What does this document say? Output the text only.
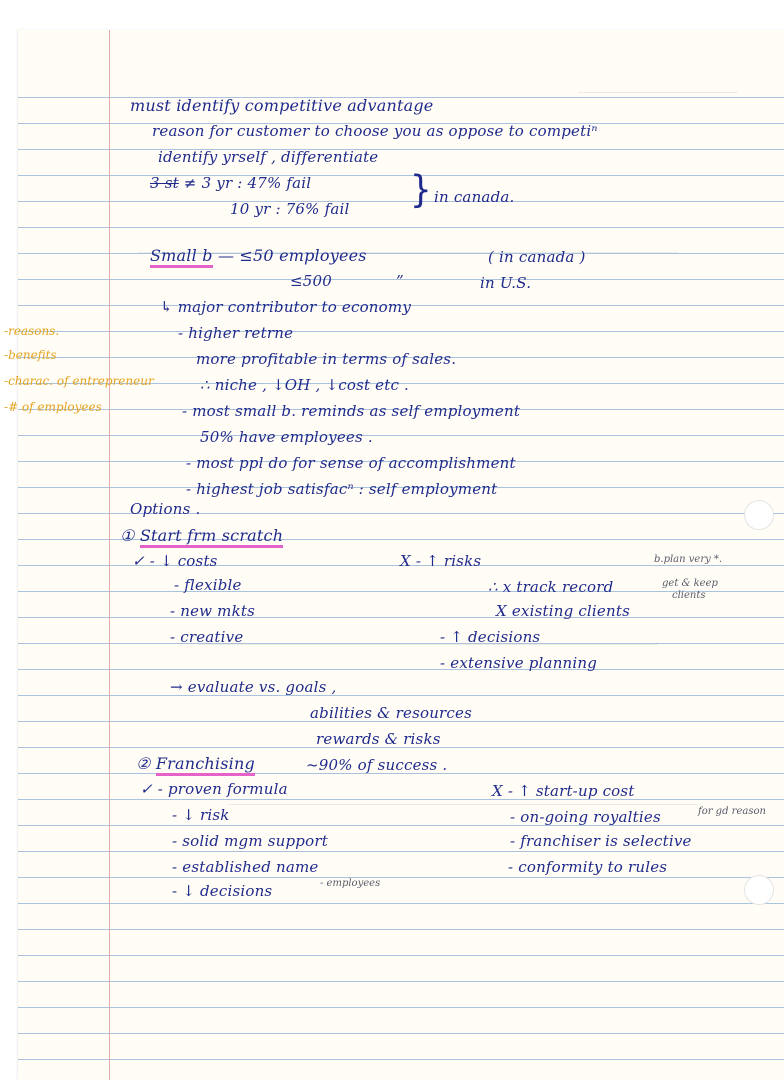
-reasons.
-benefits
-charac. of entrepreneur
-# of employees
must identify competitive advantage
reason for customer to choose you as oppose to competiⁿ
identify yrself , differentiate
3 st ≠ 3 yr : 47% fail
10 yr : 76% fail } in canada.
Small b — ≤50 employees	( in canada )
≤500	”	in U.S.
↳ major contributor to economy
- higher retrne
more profitable in terms of sales.
∴ niche , ↓OH , ↓cost etc .
- most small b. reminds as self employment
50% have employees .
- most ppl do for sense of accomplishment
- highest job satisfacⁿ : self employment
Options .
① Start frm scratch
✓ - ↓ costs	X - ↑ risks	b.plan very *.
- flexible	∴ x track record	get & keep
clients
- new mkts	X existing clients
- creative	- ↑ decisions
- extensive planning
→ evaluate vs. goals ,
abilities & resources
rewards & risks
② Franchising	~90% of success .
✓ - proven formula	X - ↑ start-up cost
- ↓ risk	- on-going royalties	for gd reason
- solid mgm support	- franchiser is selective
- established name	- conformity to rules
- ↓ decisions	- employees
